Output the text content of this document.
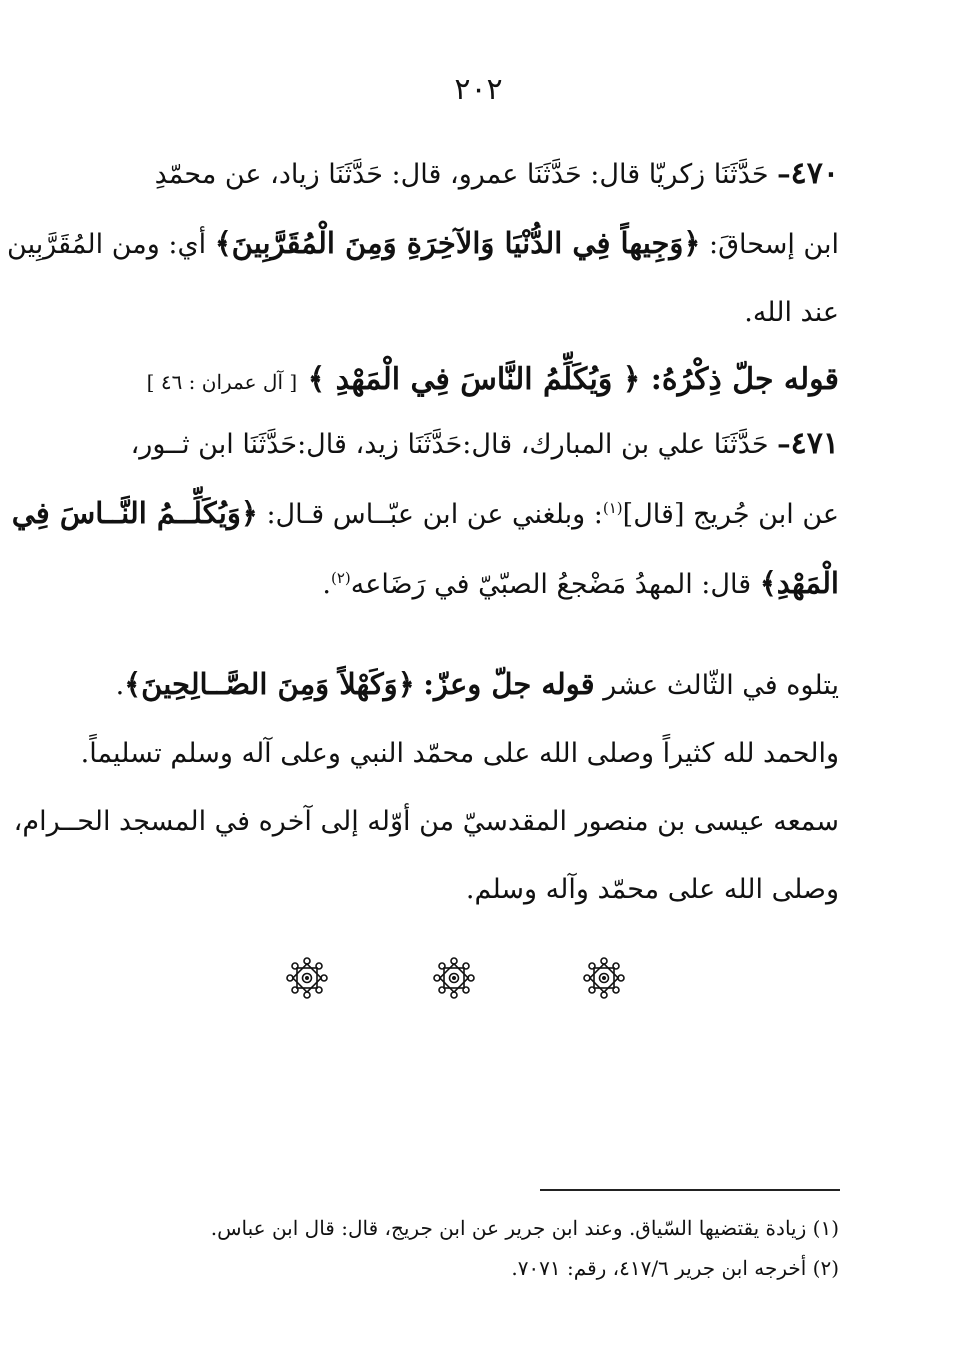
٢٠٢
٤٧٠– حَدَّثَنَا زكريّا قال: حَدَّثَنَا عمرو، قال: حَدَّثَنَا زياد، عن محمّدِ
ابن إسحاقَ: ﴿وَجِيهاً فِي الدُّنْيَا وَالآخِرَةِ وَمِنَ الْمُقَرَّبِينَ﴾ أي: ومن المُقَرَّبِين
عند الله.
قوله جلّ ذِكْرُهُ: ﴿ وَيُكَلِّمُ النَّاسَ فِي الْمَهْدِ ﴾ [ آل عمران : ٤٦ ]
٤٧١– حَدَّثَنَا علي بن المبارك، قال:حَدَّثَنَا زيد، قال:حَدَّثَنَا ابن ثــور،
عن ابن جُريج [قال]$^{(١)}$: وبلغني عن ابن عبّــاس قـال: ﴿وَيُكَلِّــمُ النَّــاسَ فِي
الْمَهْدِ﴾ قال: المهدُ مَضْجعُ الصبّيّ في رَضَاعه$^{(٢)}$.
يتلوه في الثّالث عشر قوله جلّ وعزّ: ﴿وَكَهْلاً وَمِنَ الصَّــالِحِينَ﴾.
والحمد لله كثيراً وصلى الله على محمّد النبي وعلى آله وسلم تسليماً.
سمعه عيسى بن منصور المقدسيّ من أوّله إلى آخره في المسجد الحــرام،
وصلى الله على محمّد وآله وسلم.
(١) زيادة يقتضيها السّياق. وعند ابن جرير عن ابن جريج، قال: قال ابن عباس.
(٢) أخرجه ابن جرير ٤١٧/٦، رقم: ٧٠٧١.
